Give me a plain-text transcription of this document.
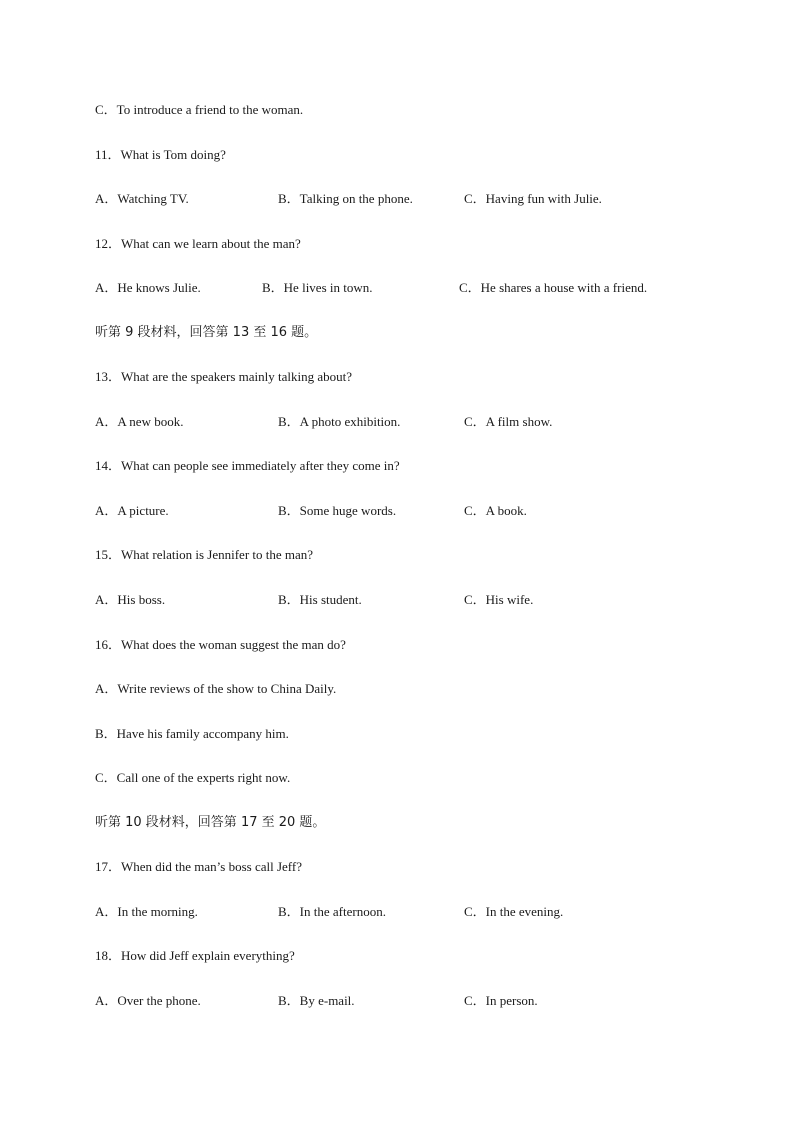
C．To introduce a friend to the woman.
11．What is Tom doing?
A．Watching TV.	B．Talking on the phone.	C．Having fun with Julie.
12．What can we learn about the man?
A．He knows Julie.	B．He lives in town.	C．He shares a house with a friend.
听第 9 段材料，回答第 13 至 16 题。
13．What are the speakers mainly talking about?
A．A new book.	B．A photo exhibition.	C．A film show.
14．What can people see immediately after they come in?
A．A picture.	B．Some huge words.	C．A book.
15．What relation is Jennifer to the man?
A．His boss.	B．His student.	C．His wife.
16．What does the woman suggest the man do?
A．Write reviews of the show to China Daily.
B．Have his family accompany him.
C．Call one of the experts right now.
听第 10 段材料，回答第 17 至 20 题。
17．When did the man’s boss call Jeff?
A．In the morning.	B．In the afternoon.	C．In the evening.
18．How did Jeff explain everything?
A．Over the phone.	B．By e-mail.	C．In person.
